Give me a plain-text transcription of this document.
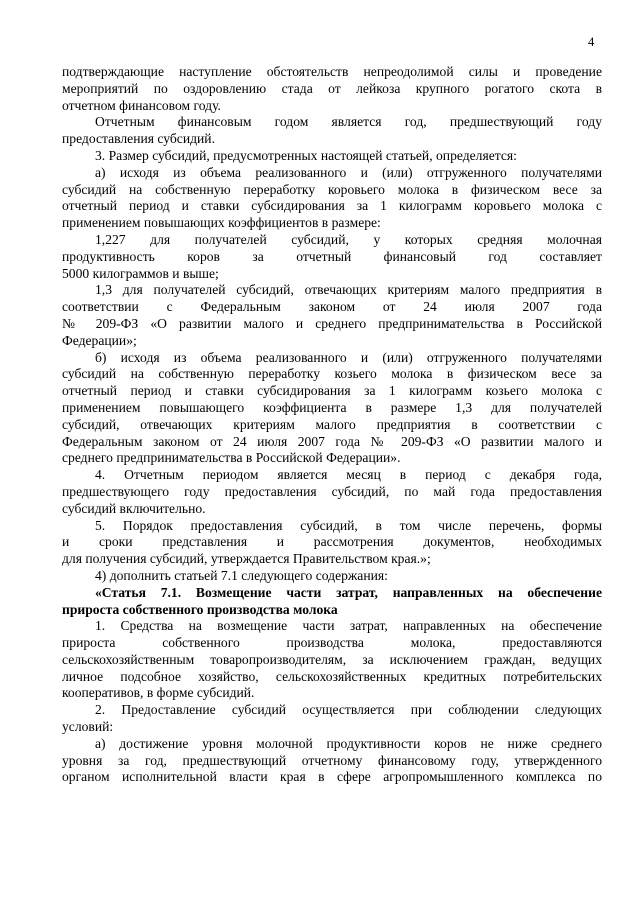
4
подтверждающие наступление обстоятельств непреодолимой силы и проведение
мероприятий по оздоровлению стада от лейкоза крупного рогатого скота в
отчетном финансовом году.
Отчетным финансовым годом является год, предшествующий году
предоставления субсидий.
3. Размер субсидий, предусмотренных настоящей статьей, определяется:
а) исходя из объема реализованного и (или) отгруженного получателями
субсидий на собственную переработку коровьего молока в физическом весе за
отчетный период и ставки субсидирования за 1 килограмм коровьего молока с
применением повышающих коэффициентов в размере:
1,227 для получателей субсидий, у которых средняя молочная
продуктивность коров за отчетный финансовый год составляет
5000 килограммов и выше;
1,3 для получателей субсидий, отвечающих критериям малого предприятия в
соответствии с Федеральным законом от 24 июля 2007 года
№ 209-ФЗ «О развитии малого и среднего предпринимательства в Российской
Федерации»;
б) исходя из объема реализованного и (или) отгруженного получателями
субсидий на собственную переработку козьего молока в физическом весе за
отчетный период и ставки субсидирования за 1 килограмм козьего молока с
применением повышающего коэффициента в размере 1,3 для получателей
субсидий, отвечающих критериям малого предприятия в соответствии с
Федеральным законом от 24 июля 2007 года № 209-ФЗ «О развитии малого и
среднего предпринимательства в Российской Федерации».
4. Отчетным периодом является месяц в период с декабря года,
предшествующего году предоставления субсидий, по май года предоставления
субсидий включительно.
5. Порядок предоставления субсидий, в том числе перечень, формы
и сроки представления и рассмотрения документов, необходимых
для получения субсидий, утверждается Правительством края.»;
4) дополнить статьей 7.1 следующего содержания:
«Статья 7.1. Возмещение части затрат, направленных на обеспечение
прироста собственного производства молока
1. Средства на возмещение части затрат, направленных на обеспечение
прироста собственного производства молока, предоставляются
сельскохозяйственным товаропроизводителям, за исключением граждан, ведущих
личное подсобное хозяйство, сельскохозяйственных кредитных потребительских
кооперативов, в форме субсидий.
2. Предоставление субсидий осуществляется при соблюдении следующих
условий:
а) достижение уровня молочной продуктивности коров не ниже среднего
уровня за год, предшествующий отчетному финансовому году, утвержденного
органом исполнительной власти края в сфере агропромышленного комплекса по
